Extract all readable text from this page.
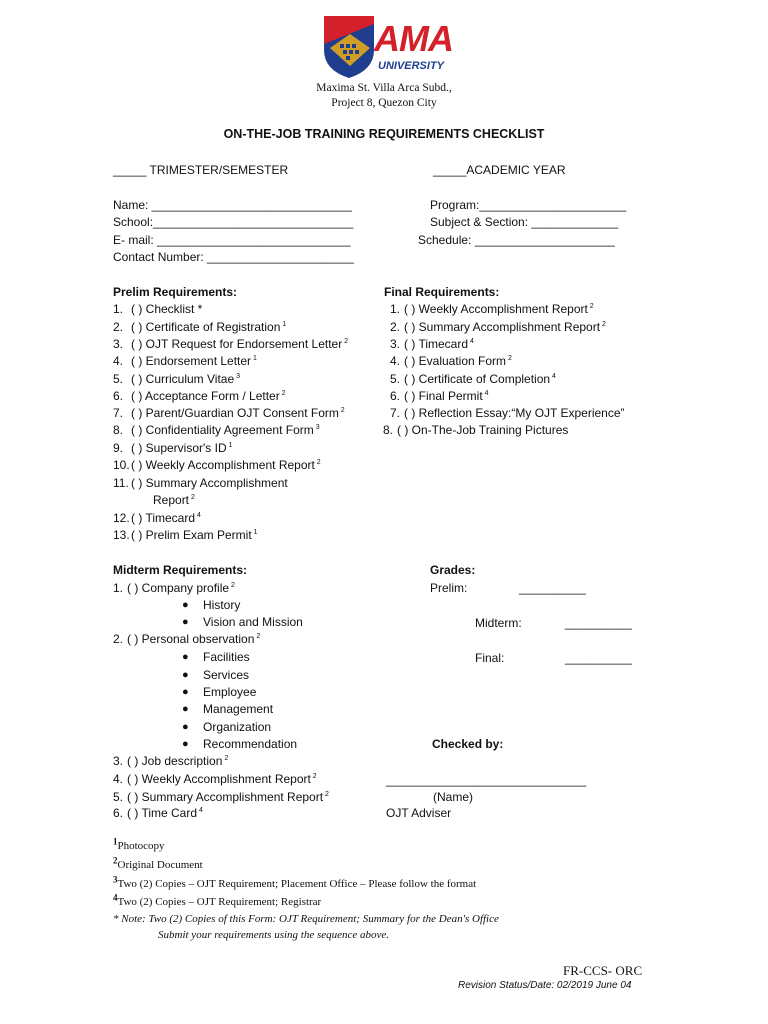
AMA
UNIVERSITY
Maxima St. Villa Arca Subd.,
Project 8, Quezon City
ON-THE-JOB TRAINING REQUIREMENTS CHECKLIST
_____ TRIMESTER/SEMESTER	_____ACADEMIC YEAR
Name: ______________________________
School:______________________________
E- mail: _____________________________
Contact Number: ______________________
Program:______________________
Subject & Section: _____________
Schedule: _____________________
Prelim Requirements:
1. ( ) Checklist *
2. ( ) Certificate of Registration $^1$
3. ( ) OJT Request for Endorsement Letter $^2$
4. ( ) Endorsement Letter $^1$
5. ( ) Curriculum Vitae $^3$
6. ( ) Acceptance Form / Letter $^2$
7. ( ) Parent/Guardian OJT Consent Form $^2$
8. ( ) Confidentiality Agreement Form $^3$
9. ( ) Supervisor's ID $^1$
10.( ) Weekly Accomplishment Report $^2$
11. ( ) Summary Accomplishment
Report $^2$
12.( ) Timecard $^4$
13.( ) Prelim Exam Permit $^1$
Final Requirements:
1. ( ) Weekly Accomplishment Report $^2$
2. ( ) Summary Accomplishment Report $^2$
3. ( ) Timecard $^4$
4. ( ) Evaluation Form $^2$
5. ( ) Certificate of Completion $^4$
6. ( ) Final Permit $^4$
7. ( ) Reflection Essay:“My OJT Experience”
8. ( ) On-The-Job Training Pictures
Midterm Requirements:
1. ( ) Company profile $^2$
● History
● Vision and Mission
2. ( ) Personal observation $^2$
● Facilities
● Services
● Employee
● Management
● Organization
● Recommendation
3. ( ) Job description $^2$
4. ( ) Weekly Accomplishment Report $^2$
5. ( ) Summary Accomplishment Report $^2$
6. ( ) Time Card $^4$
Grades:
Prelim:	__________
Midterm:	__________
Final:	__________
Checked by:
______________________________
(Name)
OJT Adviser
$^1$Photocopy
$^2$Original Document
$^3$Two (2) Copies – OJT Requirement; Placement Office – Please follow the format
$^4$Two (2) Copies – OJT Requirement; Registrar
* Note: Two (2) Copies of this Form: OJT Requirement; Summary for the Dean's Office
Submit your requirements using the sequence above.
FR-CCS- ORC
Revision Status/Date: 02/2019 June 04
